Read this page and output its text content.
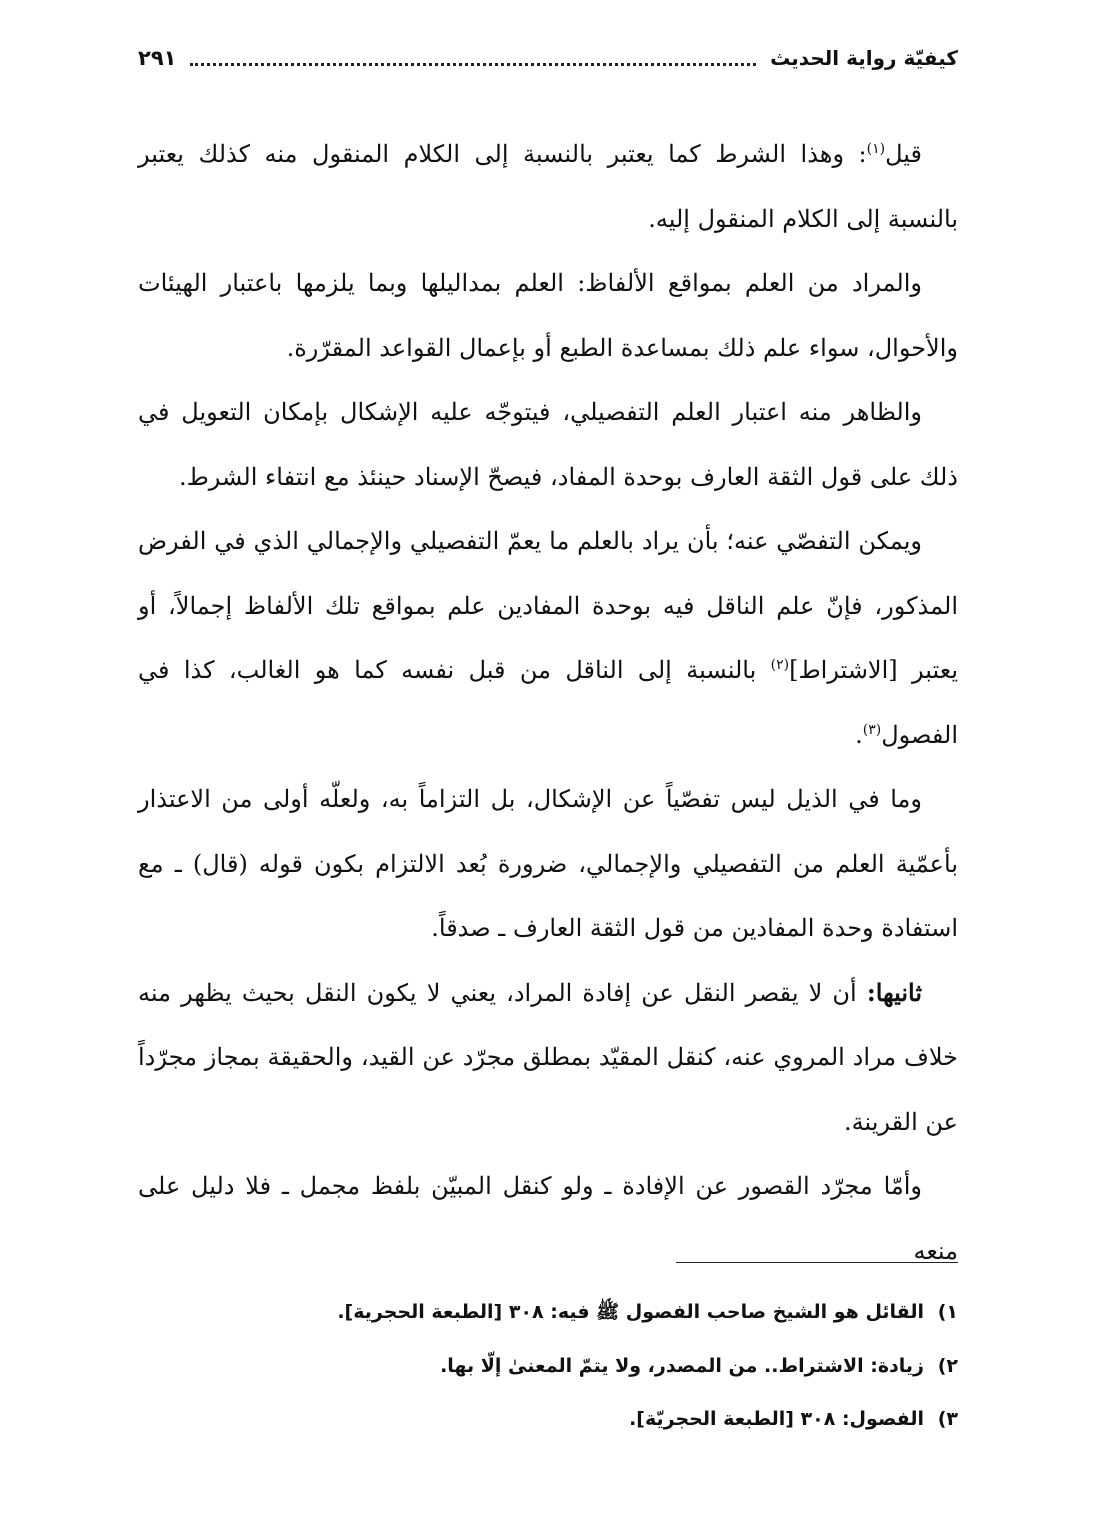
كيفيّة رواية الحديث
٢٩١

قيل$^{(١)}$: وهذا الشرط كما يعتبر بالنسبة إلى الكلام المنقول منه كذلك يعتبر بالنسبة إلى الكلام المنقول إليه.

والمراد من العلم بمواقع الألفاظ: العلم بمداليلها وبما يلزمها باعتبار الهيئات والأحوال، سواء علم ذلك بمساعدة الطبع أو بإعمال القواعد المقرّرة.

والظاهر منه اعتبار العلم التفصيلي، فيتوجّه عليه الإشكال بإمكان التعويل في ذلك على قول الثقة العارف بوحدة المفاد، فيصحّ الإسناد حينئذ مع انتفاء الشرط.

ويمكن التفصّي عنه؛ بأن يراد بالعلم ما يعمّ التفصيلي والإجمالي الذي في الفرض المذكور، فإنّ علم الناقل فيه بوحدة المفادين علم بمواقع تلك الألفاظ إجمالاً، أو يعتبر [الاشتراط]$^{(٢)}$ بالنسبة إلى الناقل من قبل نفسه كما هو الغالب، كذا في الفصول$^{(٣)}$.

وما في الذيل ليس تفصّياً عن الإشكال، بل التزاماً به، ولعلّه أولى من الاعتذار بأعمّية العلم من التفصيلي والإجمالي، ضرورة بُعد الالتزام بكون قوله (قال) ـ مع استفادة وحدة المفادين من قول الثقة العارف ـ صدقاً.

ثانيها: أن لا يقصر النقل عن إفادة المراد، يعني لا يكون النقل بحيث يظهر منه خلاف مراد المروي عنه، كنقل المقيّد بمطلق مجرّد عن القيد، والحقيقة بمجاز مجرّداً عن القرينة.

وأمّا مجرّد القصور عن الإفادة ـ ولو كنقل المبيّن بلفظ مجمل ـ فلا دليل على منعه

١)
القائل هو الشيخ صاحب الفصول ﷺ فيه: ٣٠٨ [الطبعة الحجرية].
٢)
زيادة: الاشتراط.. من المصدر، ولا يتمّ المعنىٰ إلّا بها.
٣)
الفصول: ٣٠٨ [الطبعة الحجريّة].
